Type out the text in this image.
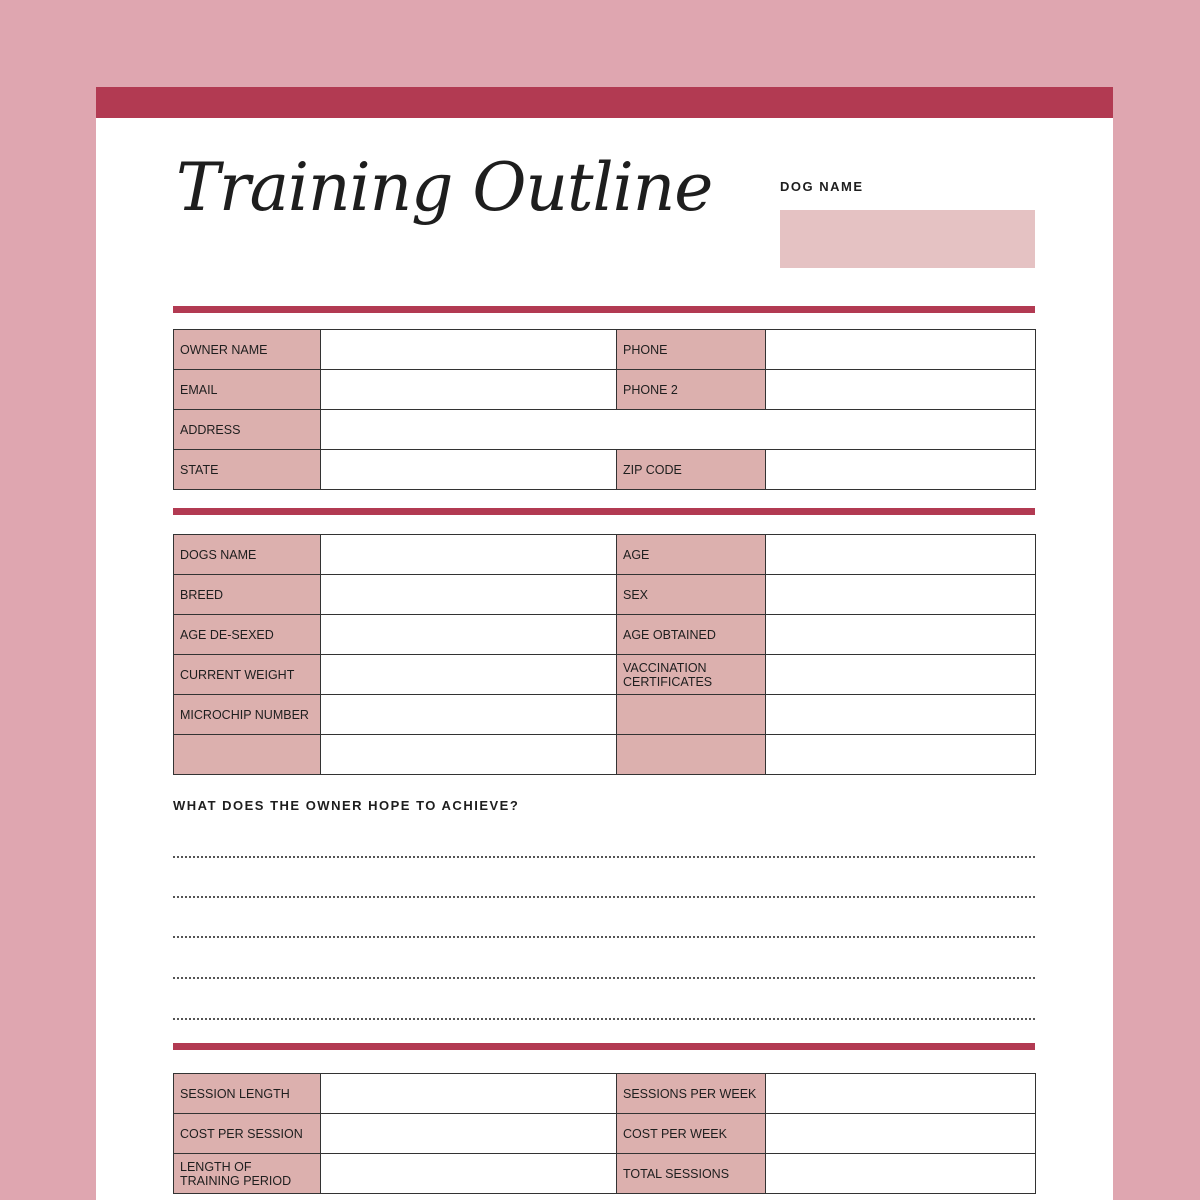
Training Outline	DOG NAME
OWNER NAME		PHONE	
EMAIL		PHONE 2	
ADDRESS			
STATE		ZIP CODE	
DOGS NAME		AGE	
BREED		SEX	
AGE DE-SEXED		AGE OBTAINED	
CURRENT WEIGHT		VACCINATION CERTIFICATES	
MICROCHIP NUMBER			

WHAT DOES THE OWNER HOPE TO ACHIEVE?
SESSION LENGTH		SESSIONS PER WEEK	
COST PER SESSION		COST PER WEEK	
LENGTH OF TRAINING PERIOD		TOTAL SESSIONS	
